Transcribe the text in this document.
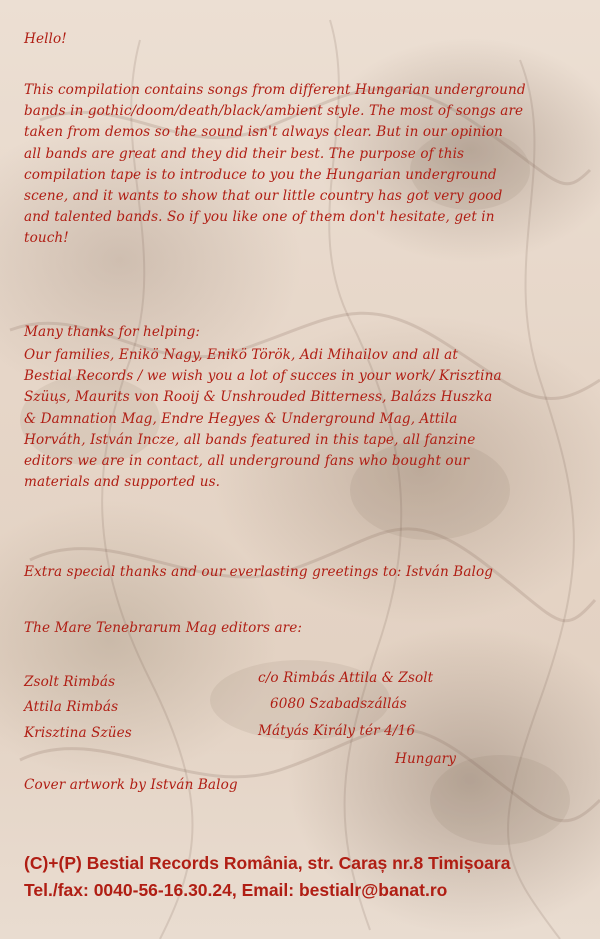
Hello!

This compilation contains songs from different Hungarian underground
bands in gothic/doom/death/black/ambient style. The most of songs are
taken from demos so the sound isn't always clear. But in our opinion
all bands are great and they did their best. The purpose of this
compilation tape is to introduce to you the Hungarian underground
scene, and it wants to show that our little country has got very good
and talented bands. So if you like one of them don't hesitate, get in
touch!

Many thanks for helping:

Our families, Enikö Nagy, Enikö Török, Adi Mihailov and all at
Bestial Records / we wish you a lot of succes in your work/ Krisztina
Szüцs, Maurits von Rooij & Unshrouded Bitterness, Balázs Huszka
& Damnation Mag, Endre Hegyes & Underground Mag, Attila
Horváth, István Incze, all bands featured in this tape, all fanzine
editors we are in contact, all underground fans who bought our
materials and supported us.

Extra special thanks and our everlasting greetings to: István Balog

The Mare Tenebrarum Mag editors are:

Zsolt Rimbás

Attila Rimbás

Krisztina Szües

c/o Rimbás Attila & Zsolt

6080 Szabadszállás

Mátyás Király tér 4/16

Hungary

Cover artwork by István Balog

(C)+(P) Bestial Records România, str. Caraș nr.8 Timișoara

Tel./fax: 0040-56-16.30.24, Email: bestialr@banat.ro
